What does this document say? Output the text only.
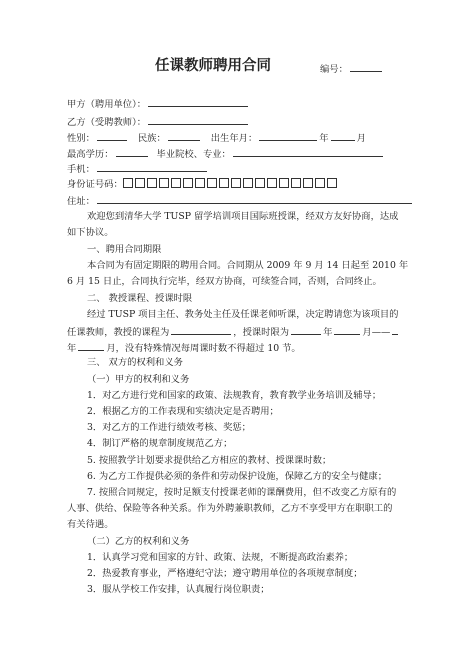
任课教师聘用合同	编号：
甲方（聘用单位）：
乙方（受聘教师）：
性别：	民族：	出生年月：	年	月
最高学历：	毕业院校、专业：
手机：
身份证号码：
住址：
欢迎您到清华大学 TUSP 留学培训项目国际班授课，经双方友好协商，达成
如下协议。
一、聘用合同期限
本合同为有固定期限的聘用合同。合同期从 2009 年 9 月 14 日起至 2010 年
6 月 15 日止，合同执行完毕，经双方协商，可续签合同，否则，合同终止。
二、 教授课程、授课时限
经过 TUSP 项目主任、教务处主任及任课老师听课，决定聘请您为该项目的
任课教师，教授的课程为	，授课时限为	年	月——
年	月，没有特殊情况每周课时数不得超过 10 节。
三、 双方的权利和义务
（一）甲方的权利和义务
1．对乙方进行党和国家的政策、法规教育，教育教学业务培训及辅导；
2．根据乙方的工作表现和实绩决定是否聘用；
3．对乙方的工作进行绩效考核、奖惩；
4．制订严格的规章制度规范乙方；
5. 按照教学计划要求提供给乙方相应的教材、授课课时数；
6. 为乙方工作提供必须的条件和劳动保护设施，保障乙方的安全与健康；
7. 按照合同规定，按时足额支付授课老师的课酬费用，但不改变乙方原有的
人事、供给、保险等各种关系。作为外聘兼职教师，乙方不享受甲方在职职工的
有关待遇。
（二）乙方的权利和义务
1．认真学习党和国家的方针、政策、法规，不断提高政治素养；
2．热爱教育事业，严格遵纪守法；遵守聘用单位的各项规章制度；
3．服从学校工作安排，认真履行岗位职责；
